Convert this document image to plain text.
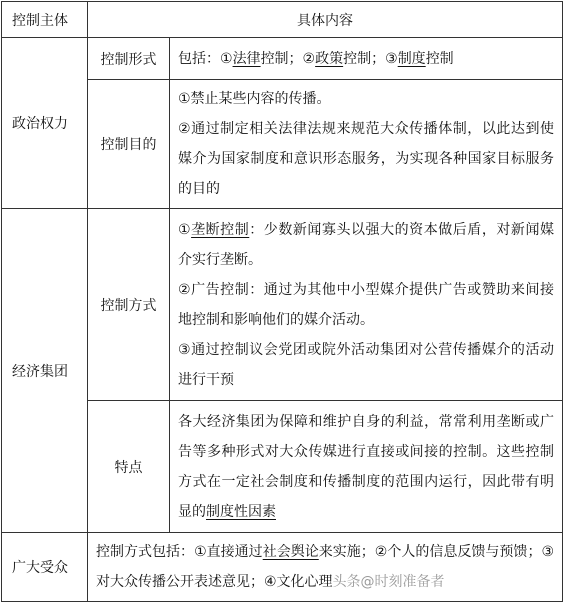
控制主体	具体内容	
政治权力	控制形式	包括：①法律控制；②政策控制；③制度控制
	控制目的	①禁止某些内容的传播。
②通过制定相关法律法规来规范大众传播体制，以此达到使媒介为国家制度和意识形态服务，为实现各种国家目标服务的目的

经济集团	控制方式	①垄断控制：少数新闻寡头以强大的资本做后盾，对新闻媒介实行垄断。
②广告控制：通过为其他中小型媒介提供广告或赞助来间接地控制和影响他们的媒介活动。
③通过控制议会党团或院外活动集团对公营传播媒介的活动进行干预

	特点	各大经济集团为保障和维护自身的利益，常常利用垄断或广告等多种形式对大众传媒进行直接或间接的控制。这些控制方式在一定社会制度和传播制度的范围内运行，因此带有明显的制度性因素
广大受众	控制方式包括：①直接通过社会舆论来实施；②个人的信息反馈与预馈；③对大众传播公开表述意见；④文化心理头条@时刻准备者	
